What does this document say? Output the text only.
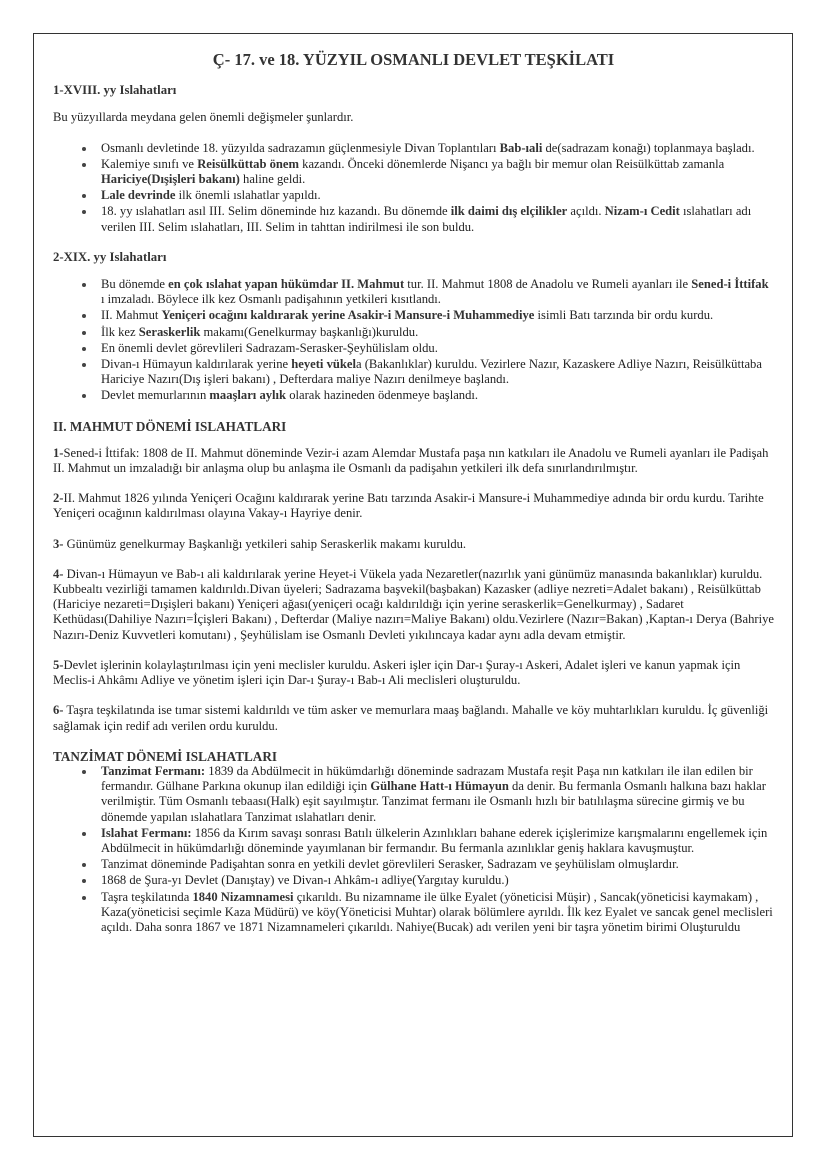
Ç- 17. ve 18. YÜZYIL OSMANLI DEVLET TEŞKİLATI
1-XVIII. yy Islahatları

Bu yüzyıllarda meydana gelen önemli değişmeler şunlardır.

Osmanlı devletinde 18. yüzyılda sadrazamın güçlenmesiyle Divan Toplantıları Bab-ıali de(sadrazam konağı) toplanmaya başladı.
Kalemiye sınıfı ve Reisülküttab önem kazandı. Önceki dönemlerde Nişancı ya bağlı bir memur olan Reisülküttab zamanla Hariciye(Dışişleri bakanı) haline geldi.
Lale devrinde ilk önemli ıslahatlar yapıldı.
18. yy ıslahatları asıl III. Selim döneminde hız kazandı. Bu dönemde ilk daimi dış elçilikler açıldı. Nizam-ı Cedit ıslahatları adı verilen III. Selim ıslahatları, III. Selim in tahttan indirilmesi ile son buldu.
2-XIX. yy Islahatları
Bu dönemde en çok ıslahat yapan hükümdar II. Mahmut tur. II. Mahmut 1808 de Anadolu ve Rumeli ayanları ile Sened-i İttifak ı imzaladı. Böylece ilk kez Osmanlı padişahının yetkileri kısıtlandı.
II. Mahmut Yeniçeri ocağını kaldırarak yerine Asakir-i Mansure-i Muhammediye isimli Batı tarzında bir ordu kurdu.
İlk kez Seraskerlik makamı(Genelkurmay başkanlığı)kuruldu.
En önemli devlet görevlileri Sadrazam-Serasker-Şeyhülislam oldu.
Divan-ı Hümayun kaldırılarak yerine heyeti vükela (Bakanlıklar) kuruldu. Vezirlere Nazır, Kazaskere Adliye Nazırı, Reisülküttaba Hariciye Nazırı(Dış işleri bakanı) , Defterdara maliye Nazırı denilmeye başlandı.
Devlet memurlarının maaşları aylık olarak hazineden ödenmeye başlandı.
II. MAHMUT DÖNEMİ ISLAHATLARI

1-Sened-i İttifak: 1808 de II. Mahmut döneminde Vezir-i azam Alemdar Mustafa paşa nın katkıları ile Anadolu ve Rumeli ayanları ile Padişah II. Mahmut un imzaladığı bir anlaşma olup bu anlaşma ile Osmanlı da padişahın yetkileri ilk defa sınırlandırılmıştır.

2-II. Mahmut 1826 yılında Yeniçeri Ocağını kaldırarak yerine Batı tarzında Asakir-i Mansure-i Muhammediye adında bir ordu kurdu. Tarihte Yeniçeri ocağının kaldırılması olayına Vakay-ı Hayriye denir.

3- Günümüz genelkurmay Başkanlığı yetkileri sahip Seraskerlik makamı kuruldu.

4- Divan-ı Hümayun ve Bab-ı ali kaldırılarak yerine Heyet-i Vükela yada Nezaretler(nazırlık yani günümüz manasında bakanlıklar) kuruldu. Kubbealtı vezirliği tamamen kaldırıldı.Divan üyeleri; Sadrazama başvekil(başbakan) Kazasker (adliye nezreti=Adalet bakanı) , Reisülküttab (Hariciye nezareti=Dışişleri bakanı) Yeniçeri ağası(yeniçeri ocağı kaldırıldığı için yerine seraskerlik=Genelkurmay) , Sadaret Kethüdası(Dahiliye Nazırı=İçişleri Bakanı) , Defterdar (Maliye nazırı=Maliye Bakanı) oldu.Vezirlere (Nazır=Bakan) ,Kaptan-ı Derya (Bahriye Nazırı-Deniz Kuvvetleri komutanı) , Şeyhülislam ise Osmanlı Devleti yıkılıncaya kadar aynı adla devam etmiştir.

5-Devlet işlerinin kolaylaştırılması için yeni meclisler kuruldu. Askeri işler için Dar-ı Şuray-ı Askeri, Adalet işleri ve kanun yapmak için Meclis-i Ahkâmı Adliye ve yönetim işleri için Dar-ı Şuray-ı Bab-ı Ali meclisleri oluşturuldu.

6- Taşra teşkilatında ise tımar sistemi kaldırıldı ve tüm asker ve memurlara maaş bağlandı. Mahalle ve köy muhtarlıkları kuruldu. İç güvenliği sağlamak için redif adı verilen ordu kuruldu.

TANZİMAT DÖNEMİ ISLAHATLARI
Tanzimat Fermanı: 1839 da Abdülmecit in hükümdarlığı döneminde sadrazam Mustafa reşit Paşa nın katkıları ile ilan edilen bir fermandır. Gülhane Parkına okunup ilan edildiği için Gülhane Hatt-ı Hümayun da denir. Bu fermanla Osmanlı halkına bazı haklar verilmiştir. Tüm Osmanlı tebaası(Halk) eşit sayılmıştır. Tanzimat fermanı ile Osmanlı hızlı bir batılılaşma sürecine girmiş ve bu dönemde yapılan ıslahatlara Tanzimat ıslahatları denir.
Islahat Fermanı: 1856 da Kırım savaşı sonrası Batılı ülkelerin Azınlıkları bahane ederek içişlerimize karışmalarını engellemek için Abdülmecit in hükümdarlığı döneminde yayımlanan bir fermandır. Bu fermanla azınlıklar geniş haklara kavuşmuştur.
Tanzimat döneminde Padişahtan sonra en yetkili devlet görevlileri Serasker, Sadrazam ve şeyhülislam olmuşlardır.
1868 de Şura-yı Devlet (Danıştay) ve Divan-ı Ahkâm-ı adliye(Yargıtay kuruldu.)
Taşra teşkilatında 1840 Nizamnamesi çıkarıldı. Bu nizamname ile ülke Eyalet (yöneticisi Müşir) , Sancak(yöneticisi kaymakam) , Kaza(yöneticisi seçimle Kaza Müdürü) ve köy(Yöneticisi Muhtar) olarak bölümlere ayrıldı. İlk kez Eyalet ve sancak genel meclisleri açıldı. Daha sonra 1867 ve 1871 Nizamnameleri çıkarıldı. Nahiye(Bucak) adı verilen yeni bir taşra yönetim birimi Oluşturuldu
